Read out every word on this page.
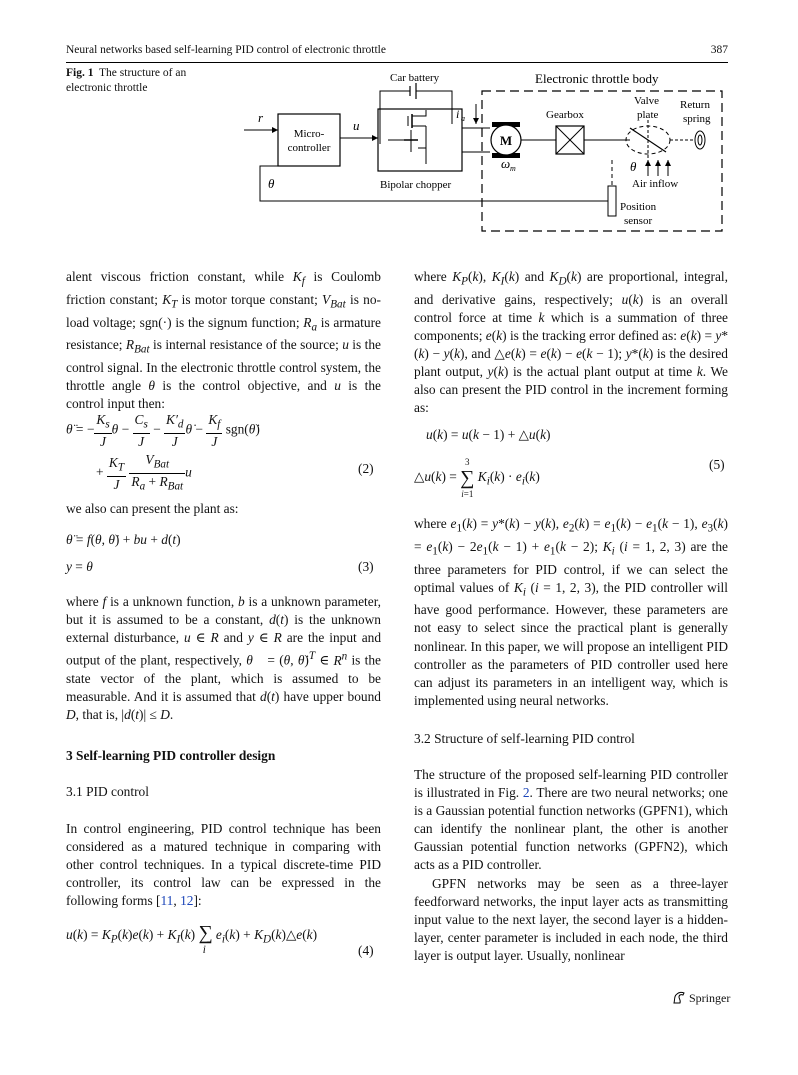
Neural networks based self-learning PID control of electronic throttle	387
Fig. 1 The structure of an electronic throttle
Electronic throttle body
Car battery
Micro-
controller
r
u
Bipolar chopper
i a
M
ω m
Gearbox
Valve
plate
θ
Air inflow
Return
spring
Position
sensor
θ

alent viscous friction constant, while $K_f$ is Coulomb friction constant; $K_T$ is motor torque constant; $V_{Bat}$ is no-load voltage; sgn(·) is the signum function; $R_a$ is armature resistance; $R_{Bat}$ is internal resistance of the source; u is the control signal. In the electronic throttle control system, the throttle angle θ is the control objective, and u is the control input then:

θ̈ = − $\frac{K_s}{J}$ $\theta - \frac{C_s}{J} - \frac{K'_d}{J}$ θ̇ − $\frac{K_f}{J}$ sgn(θ̇)
+ $\frac{K_T}{J}$
$\frac{V_{Bat}}{R_a + R_{Bat}}$ u	(2)
we also can present the plant as:
θ̈ = f(θ, θ̇) + bu + d(t)
y = θ	(3)

where f is a unknown function, b is a unknown parameter, but it is assumed to be a constant, d(t) is the unknown external disturbance, u ∈ R and y ∈ R are the input and output of the plant, respectively, θ⃗ = (θ, θ̇)$^T$ ∈ $R^n$ is the state vector of the plant, which is assumed to be measurable. And it is assumed that d(t) have upper bound D, that is, |d(t)| ≤ D.

3 Self-learning PID controller design
3.1 PID control

In control engineering, PID control technique has been considered as a matured technique in comparing with other control techniques. In a typical discrete-time PID controller, its control law can be expressed in the following forms [11, 12]:

$u(k) = K_P(k)e(k) + K_I(k) \sum_ie_i(k)$ + $K_D(k)\triangle e(k)$
(4)

where $K_P(k)$, $K_I(k)$ and $K_D(k)$ are proportional, integral, and derivative gains, respectively; u(k) is an overall control force at time k which is a summation of three components; e(k) is the tracking error defined as: e(k) = y*(k) − y(k), and △e(k) = e(k) − e(k − 1); y*(k) is the desired plant output, y(k) is the actual plant output at time k. We also can present the PID control in the increment forming as:

u(k) = u(k − 1) + △u(k)
△u(k) =
3
∑
i=1
$K_i(k) \cdot e_i(k)$
(5)

where $e_1(k) = y*(k) - y(k)$, $e_2(k) = e_1(k) - e_1(k - 1)$, $e_3(k) = e_1(k) - 2e_1(k - 1) + e_1(k - 2)$; $K_i$ (i = 1, 2, 3) are the three parameters for PID control, if we can select the optimal values of $K_i$ (i = 1, 2, 3), the PID controller will have good performance. However, these parameters are not easy to select since the practical plant is generally nonlinear. In this paper, we will propose an intelligent PID controller as the parameters of PID controller used here can adjust its parameters in an intelligent way, which is implemented using neural networks.

3.2 Structure of self-learning PID control

The structure of the proposed self-learning PID controller is illustrated in Fig. 2. There are two neural networks; one is a Gaussian potential function networks (GPFN1), which can identify the nonlinear plant, the other is another Gaussian potential function networks (GPFN2), which acts as a PID controller.

GPFN networks may be seen as a three-layer feedforward networks, the input layer acts as transmitting input value to the next layer, the second layer is a hidden-layer, center parameter is included in each node, the third layer is output layer. Usually, nonlinear

Springer
